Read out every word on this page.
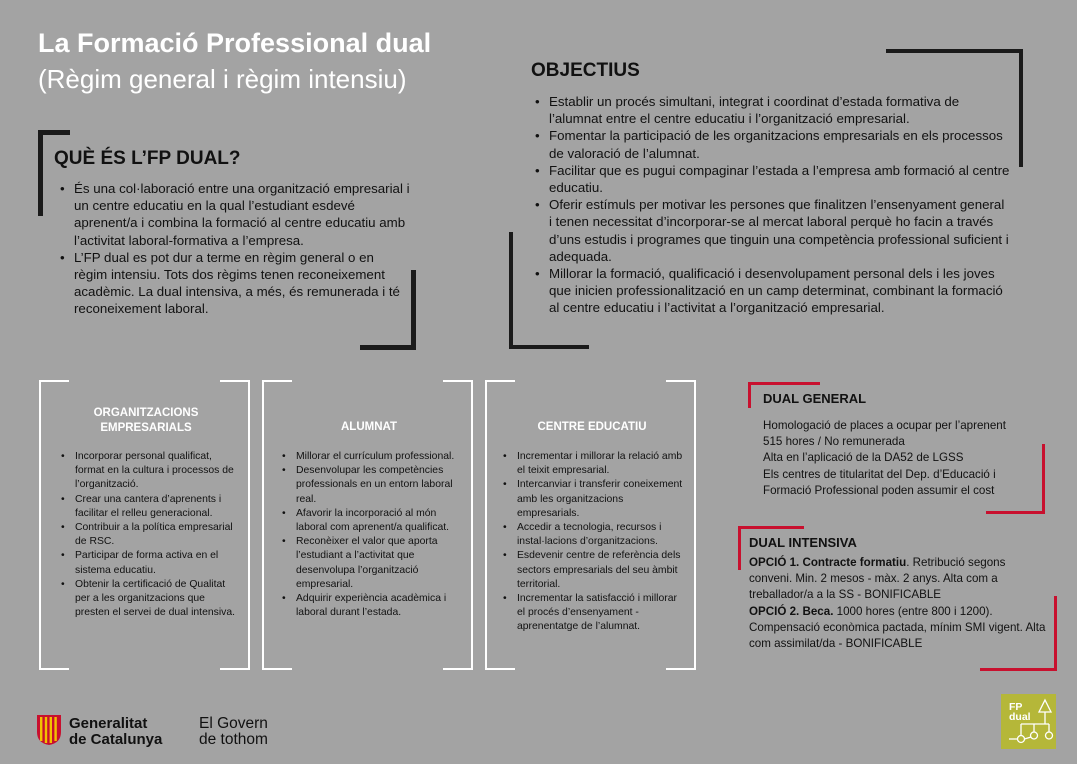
La Formació Professional dual
(Règim general i règim intensiu)
QUÈ ÉS L’FP DUAL?
• És una col·laboració entre una organització empresarial i un centre educatiu en la qual l’estudiant esdevé aprenent/a i combina la formació al centre educatiu amb l’activitat laboral-formativa a l’empresa.
• L’FP dual es pot dur a terme en règim general o en règim intensiu. Tots dos règims tenen reconeixement acadèmic. La dual intensiva, a més, és remunerada i té reconeixement laboral.
OBJECTIUS
• Establir un procés simultani, integrat i coordinat d’estada formativa de l’alumnat entre el centre educatiu i l’organització empresarial.
• Fomentar la participació de les organitzacions empresarials en els processos de valoració de l’alumnat.
• Facilitar que es pugui compaginar l’estada a l’empresa amb formació al centre educatiu.
• Oferir estímuls per motivar les persones que finalitzen l’ensenyament general i tenen necessitat d’incorporar-se al mercat laboral perquè ho facin a través d’uns estudis i programes que tinguin una competència professional suficient i adequada.
• Millorar la formació, qualificació i desenvolupament personal dels i les joves que inicien professionalització en un camp determinat, combinant la formació al centre educatiu i l’activitat a l’organització empresarial.
ORGANITZACIONS EMPRESARIALS
• Incorporar personal qualificat, format en la cultura i processos de l’organització.
• Crear una cantera d’aprenents i facilitar el relleu generacional.
• Contribuir a la política empresarial de RSC.
• Participar de forma activa en el sistema educatiu.
• Obtenir la certificació de Qualitat per a les organitzacions que presten el servei de dual intensiva.
ALUMNAT
• Millorar el currículum professional.
• Desenvolupar les competències professionals en un entorn laboral real.
• Afavorir la incorporació al món laboral com aprenent/a qualificat.
• Reconèixer el valor que aporta l’estudiant a l’activitat que desenvolupa l’organització empresarial.
• Adquirir experiència acadèmica i laboral durant l’estada.
CENTRE EDUCATIU
• Incrementar i millorar la relació amb el teixit empresarial.
• Intercanviar i transferir coneixement amb les organitzacions empresarials.
• Accedir a tecnologia, recursos i instal·lacions d’organitzacions.
• Esdevenir centre de referència dels sectors empresarials del seu àmbit territorial.
• Incrementar la satisfacció i millorar el procés d’ensenyament - aprenentatge de l’alumnat.
DUAL GENERAL
Homologació de places a ocupar per l’aprenent
515 hores / No remunerada
Alta en l’aplicació de la DA52 de LGSS
Els centres de titularitat del Dep. d’Educació i
Formació Professional poden assumir el cost
DUAL INTENSIVA
OPCIÓ 1. Contracte formatiu. Retribució segons conveni. Min. 2 mesos - màx. 2 anys. Alta com a treballador/a a la SS - BONIFICABLE
OPCIÓ 2. Beca. 1000 hores (entre 800 i 1200). Compensació econòmica pactada, mínim SMI vigent. Alta com assimilat/da - BONIFICABLE
Generalitat
de Catalunya
El Govern
de tothom
FP
dual
